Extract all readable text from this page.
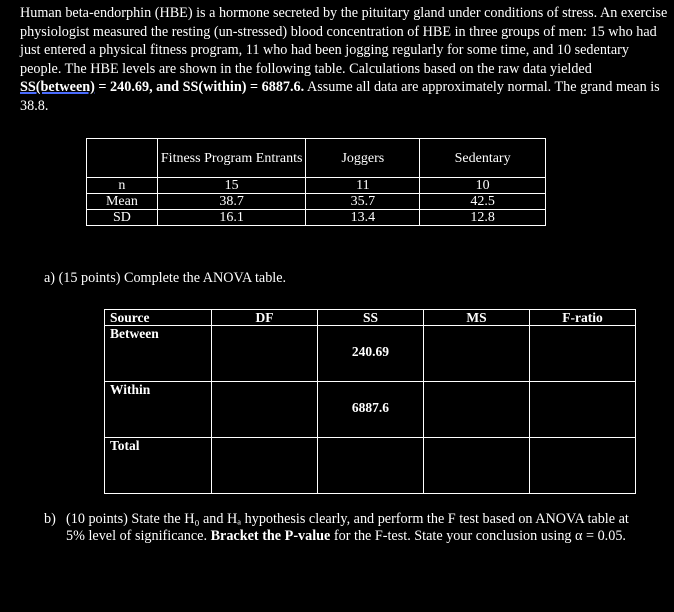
Human beta-endorphin (HBE) is a hormone secreted by the pituitary gland under conditions of stress. An exercise physiologist measured the resting (un-stressed) blood concentration of HBE in three groups of men: 15 who had just entered a physical fitness program, 11 who had been jogging regularly for some time, and 10 sedentary people. The HBE levels are shown in the following table. Calculations based on the raw data yielded SS(between) = 240.69, and SS(within) = 6887.6. Assume all data are approximately normal. The grand mean is 38.8.

	Fitness Program Entrants	Joggers	Sedentary
n	15	11	10
Mean	38.7	35.7	42.5
SD	16.1	13.4	12.8

a) (15 points) Complete the ANOVA table.

Source	DF	SS	MS	F-ratio
Between		240.69		
Within		6887.6		
Total				

b) (10 points) State the H₀ and Hₐ hypothesis clearly, and perform the F test based on ANOVA table at 5% level of significance. Bracket the P-value for the F-test. State your conclusion using α = 0.05.
